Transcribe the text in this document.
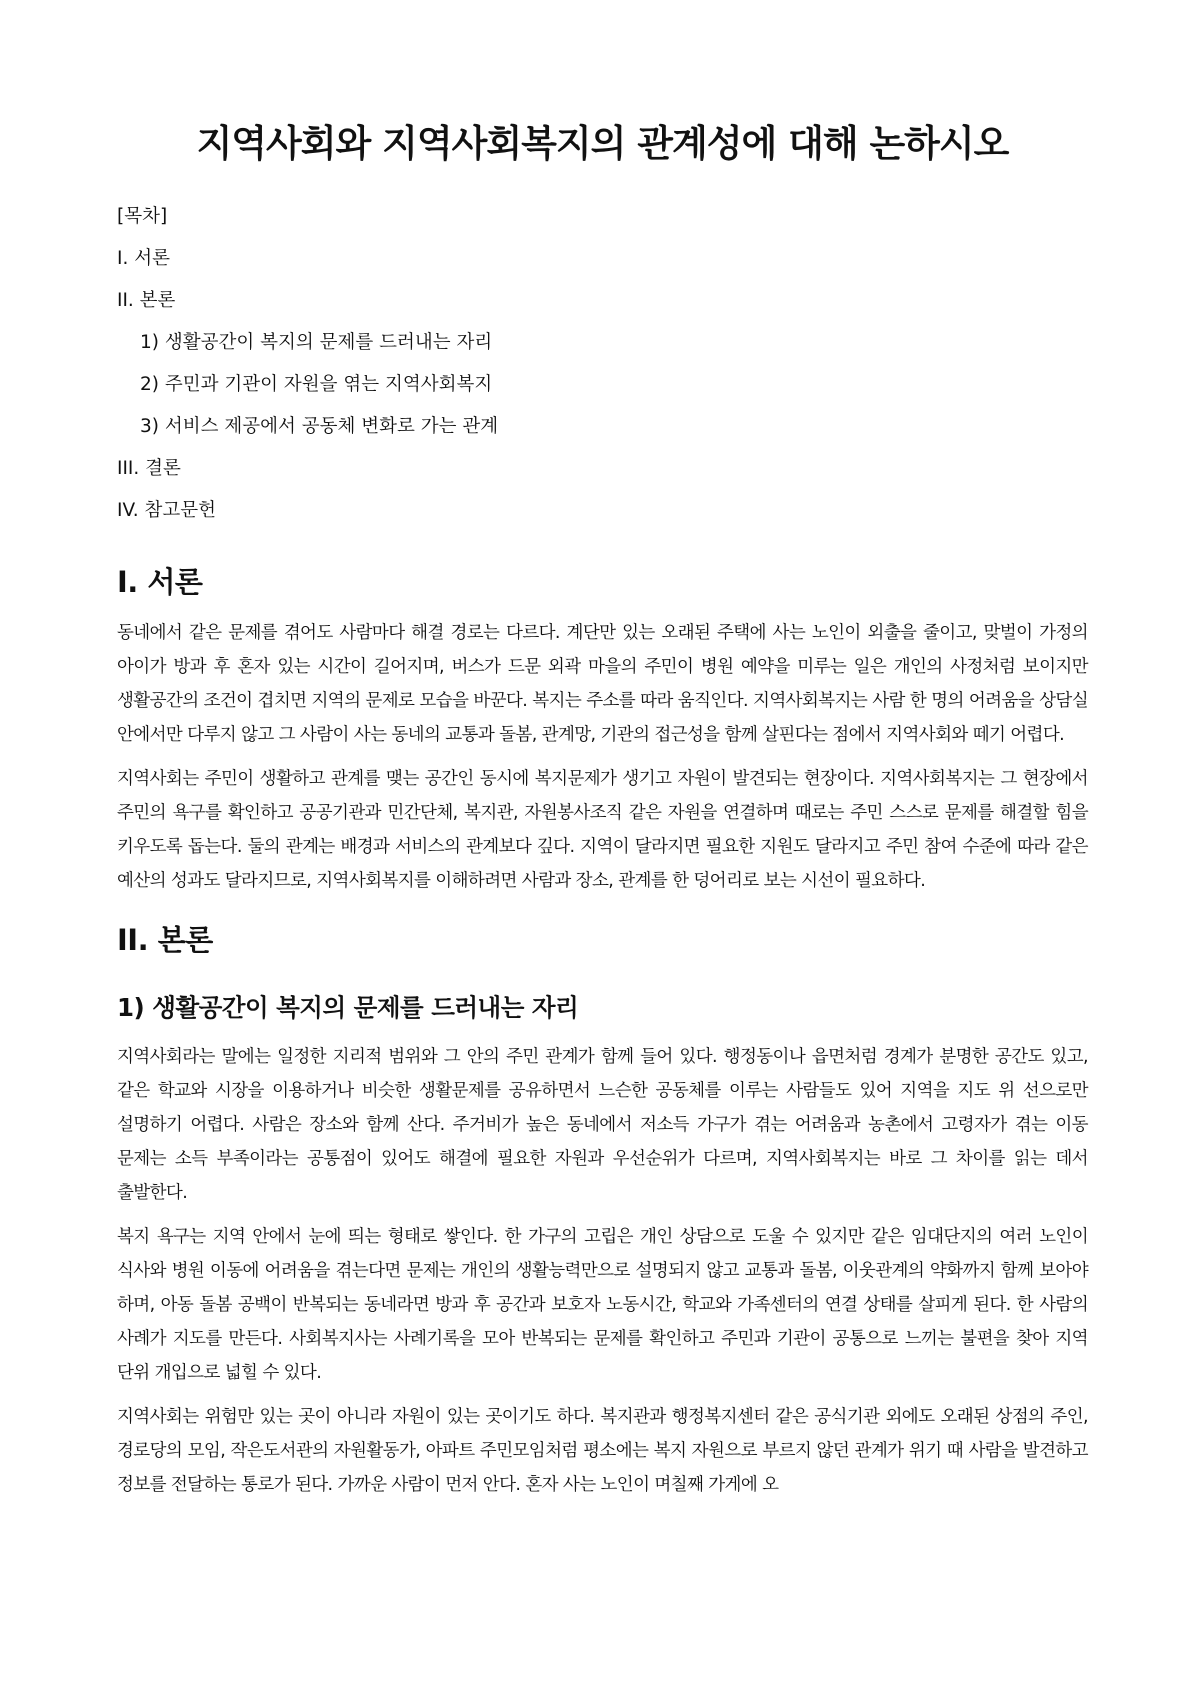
지역사회와 지역사회복지의 관계성에 대해 논하시오
[목차]
I. 서론
II. 본론
1) 생활공간이 복지의 문제를 드러내는 자리
2) 주민과 기관이 자원을 엮는 지역사회복지
3) 서비스 제공에서 공동체 변화로 가는 관계
III. 결론
IV. 참고문헌
I. 서론

동네에서 같은 문제를 겪어도 사람마다 해결 경로는 다르다. 계단만 있는 오래된 주택에 사는 노인이 외출을 줄이고, 맞벌이 가정의 아이가 방과 후 혼자 있는 시간이 길어지며, 버스가 드문 외곽 마을의 주민이 병원 예약을 미루는 일은 개인의 사정처럼 보이지만 생활공간의 조건이 겹치면 지역의 문제로 모습을 바꾼다. 복지는 주소를 따라 움직인다. 지역사회복지는 사람 한 명의 어려움을 상담실 안에서만 다루지 않고 그 사람이 사는 동네의 교통과 돌봄, 관계망, 기관의 접근성을 함께 살핀다는 점에서 지역사회와 떼기 어렵다.

지역사회는 주민이 생활하고 관계를 맺는 공간인 동시에 복지문제가 생기고 자원이 발견되는 현장이다. 지역사회복지는 그 현장에서 주민의 욕구를 확인하고 공공기관과 민간단체, 복지관, 자원봉사조직 같은 자원을 연결하며 때로는 주민 스스로 문제를 해결할 힘을 키우도록 돕는다. 둘의 관계는 배경과 서비스의 관계보다 깊다. 지역이 달라지면 필요한 지원도 달라지고 주민 참여 수준에 따라 같은 예산의 성과도 달라지므로, 지역사회복지를 이해하려면 사람과 장소, 관계를 한 덩어리로 보는 시선이 필요하다.

II. 본론
1) 생활공간이 복지의 문제를 드러내는 자리

지역사회라는 말에는 일정한 지리적 범위와 그 안의 주민 관계가 함께 들어 있다. 행정동이나 읍면처럼 경계가 분명한 공간도 있고, 같은 학교와 시장을 이용하거나 비슷한 생활문제를 공유하면서 느슨한 공동체를 이루는 사람들도 있어 지역을 지도 위 선으로만 설명하기 어렵다. 사람은 장소와 함께 산다. 주거비가 높은 동네에서 저소득 가구가 겪는 어려움과 농촌에서 고령자가 겪는 이동 문제는 소득 부족이라는 공통점이 있어도 해결에 필요한 자원과 우선순위가 다르며, 지역사회복지는 바로 그 차이를 읽는 데서 출발한다.

복지 욕구는 지역 안에서 눈에 띄는 형태로 쌓인다. 한 가구의 고립은 개인 상담으로 도울 수 있지만 같은 임대단지의 여러 노인이 식사와 병원 이동에 어려움을 겪는다면 문제는 개인의 생활능력만으로 설명되지 않고 교통과 돌봄, 이웃관계의 약화까지 함께 보아야 하며, 아동 돌봄 공백이 반복되는 동네라면 방과 후 공간과 보호자 노동시간, 학교와 가족센터의 연결 상태를 살피게 된다. 한 사람의 사례가 지도를 만든다. 사회복지사는 사례기록을 모아 반복되는 문제를 확인하고 주민과 기관이 공통으로 느끼는 불편을 찾아 지역 단위 개입으로 넓힐 수 있다.

지역사회는 위험만 있는 곳이 아니라 자원이 있는 곳이기도 하다. 복지관과 행정복지센터 같은 공식기관 외에도 오래된 상점의 주인, 경로당의 모임, 작은도서관의 자원활동가, 아파트 주민모임처럼 평소에는 복지 자원으로 부르지 않던 관계가 위기 때 사람을 발견하고 정보를 전달하는 통로가 된다. 가까운 사람이 먼저 안다. 혼자 사는 노인이 며칠째 가게에 오
